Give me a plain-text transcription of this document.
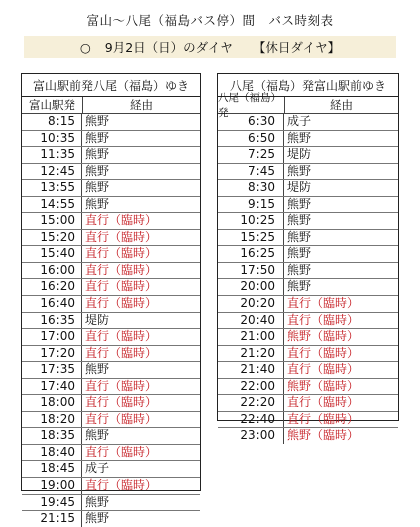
富山〜八尾（福島バス停）間　バス時刻表
○ 9月2日（日）のダイヤ 【休日ダイヤ】
富山駅前発八尾（福島）ゆき
富山駅発	経由
8:15 熊野
10:35 熊野
11:35 熊野
12:45 熊野
13:55 熊野
14:55 熊野
15:00 直行（臨時）
15:20 直行（臨時）
15:40 直行（臨時）
16:00 直行（臨時）
16:20 直行（臨時）
16:40 直行（臨時）
16:35 堤防
17:00 直行（臨時）
17:20 直行（臨時）
17:35 熊野
17:40 直行（臨時）
18:00 直行（臨時）
18:20 直行（臨時）
18:35 熊野
18:40 直行（臨時）
18:45 成子
19:00 直行（臨時）
19:45 熊野
21:15 熊野
八尾（福島）発富山駅前ゆき
八尾（福島）発
経由
6:30	成子
6:50	熊野
7:25	堤防
7:45	熊野
8:30	堤防
9:15	熊野
10:25	熊野
15:25	熊野
16:25	熊野
17:50	熊野
20:00	熊野
20:20	直行（臨時）
20:40	直行（臨時）
21:00	熊野（臨時）
21:20	直行（臨時）
21:40	直行（臨時）
22:00	熊野（臨時）
22:20	直行（臨時）
22:40	直行（臨時）
23:00	熊野（臨時）
